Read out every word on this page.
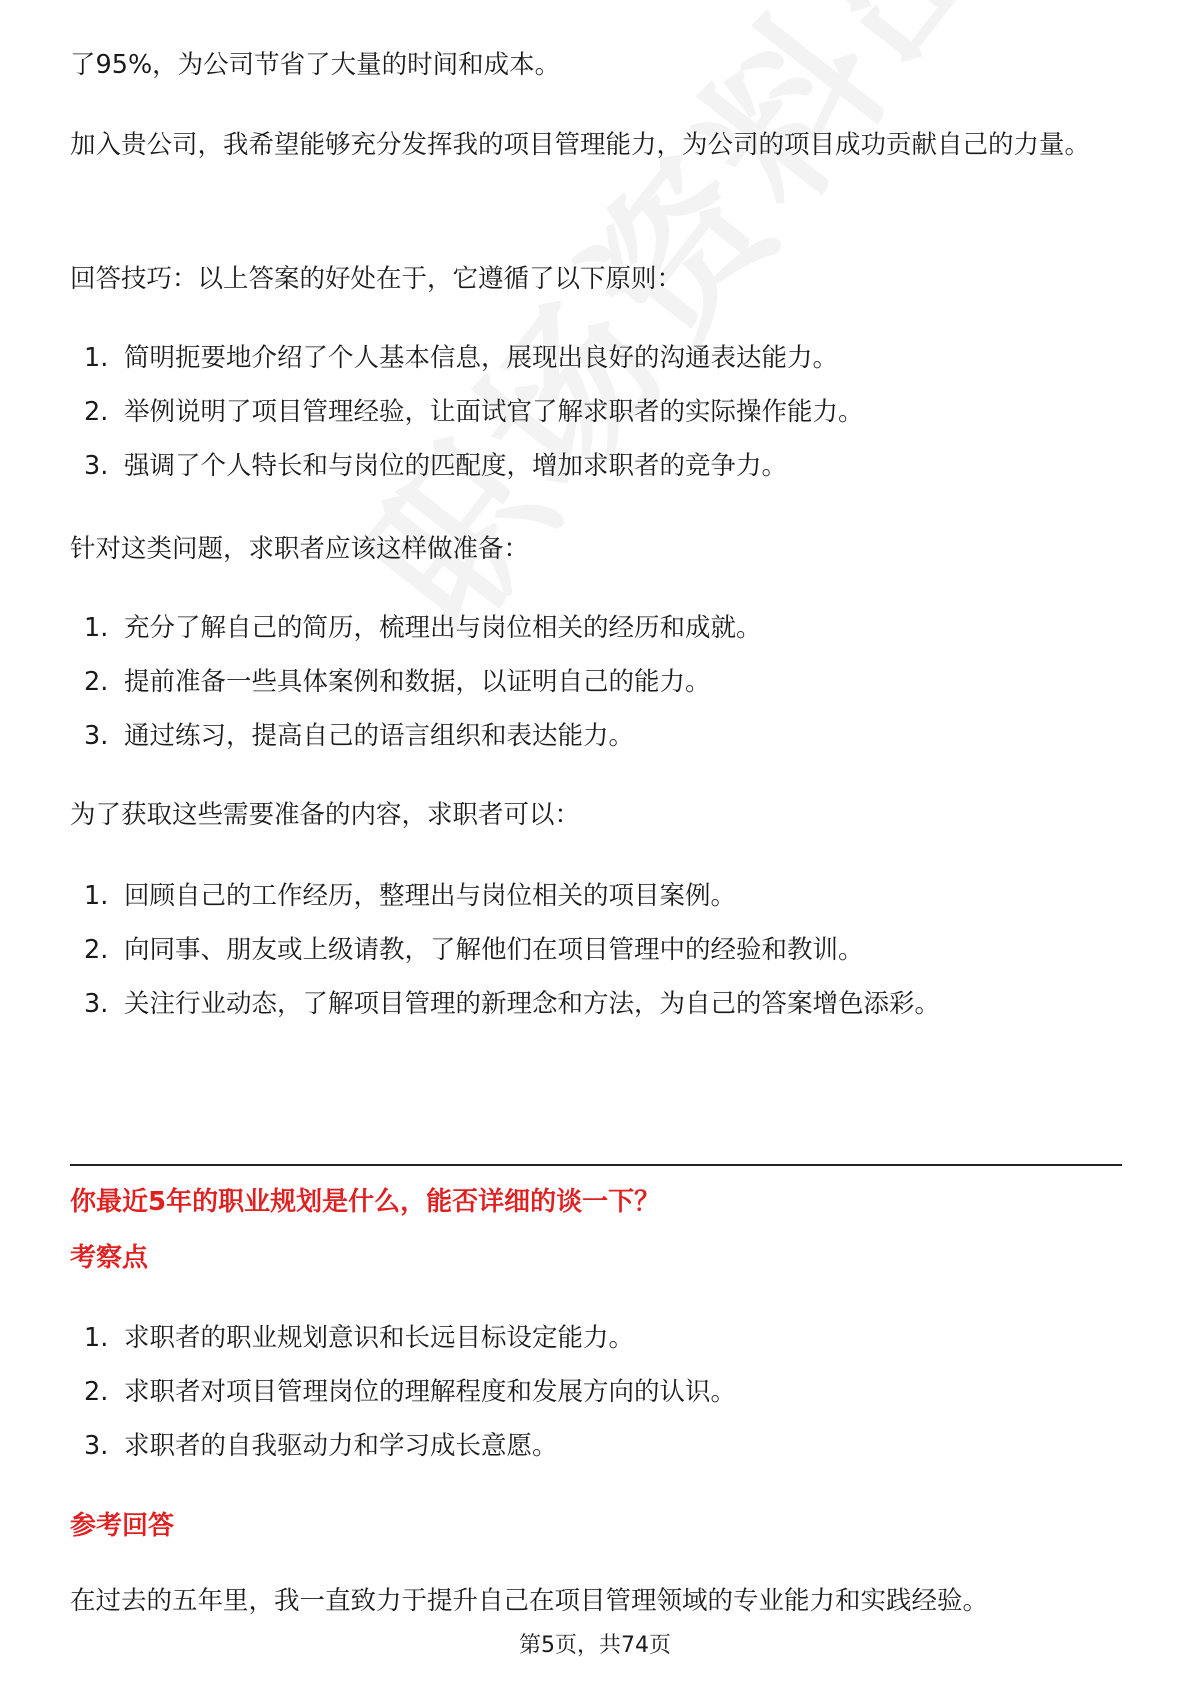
了95%，为公司节省了大量的时间和成本。

加入贵公司，我希望能够充分发挥我的项目管理能力，为公司的项目成功贡献自己的力量。

回答技巧：以上答案的好处在于，它遵循了以下原则：

1. 简明扼要地介绍了个人基本信息，展现出良好的沟通表达能力。

2. 举例说明了项目管理经验，让面试官了解求职者的实际操作能力。

3. 强调了个人特长和与岗位的匹配度，增加求职者的竞争力。

针对这类问题，求职者应该这样做准备：

1. 充分了解自己的简历，梳理出与岗位相关的经历和成就。

2. 提前准备一些具体案例和数据，以证明自己的能力。

3. 通过练习，提高自己的语言组织和表达能力。

为了获取这些需要准备的内容，求职者可以：

1. 回顾自己的工作经历，整理出与岗位相关的项目案例。

2. 向同事、朋友或上级请教，了解他们在项目管理中的经验和教训。

3. 关注行业动态，了解项目管理的新理念和方法，为自己的答案增色添彩。

你最近5年的职业规划是什么，能否详细的谈一下？
考察点

1. 求职者的职业规划意识和长远目标设定能力。

2. 求职者对项目管理岗位的理解程度和发展方向的认识。

3. 求职者的自我驱动力和学习成长意愿。

参考回答

在过去的五年里，我一直致力于提升自己在项目管理领域的专业能力和实践经验。

第5页，共74页
